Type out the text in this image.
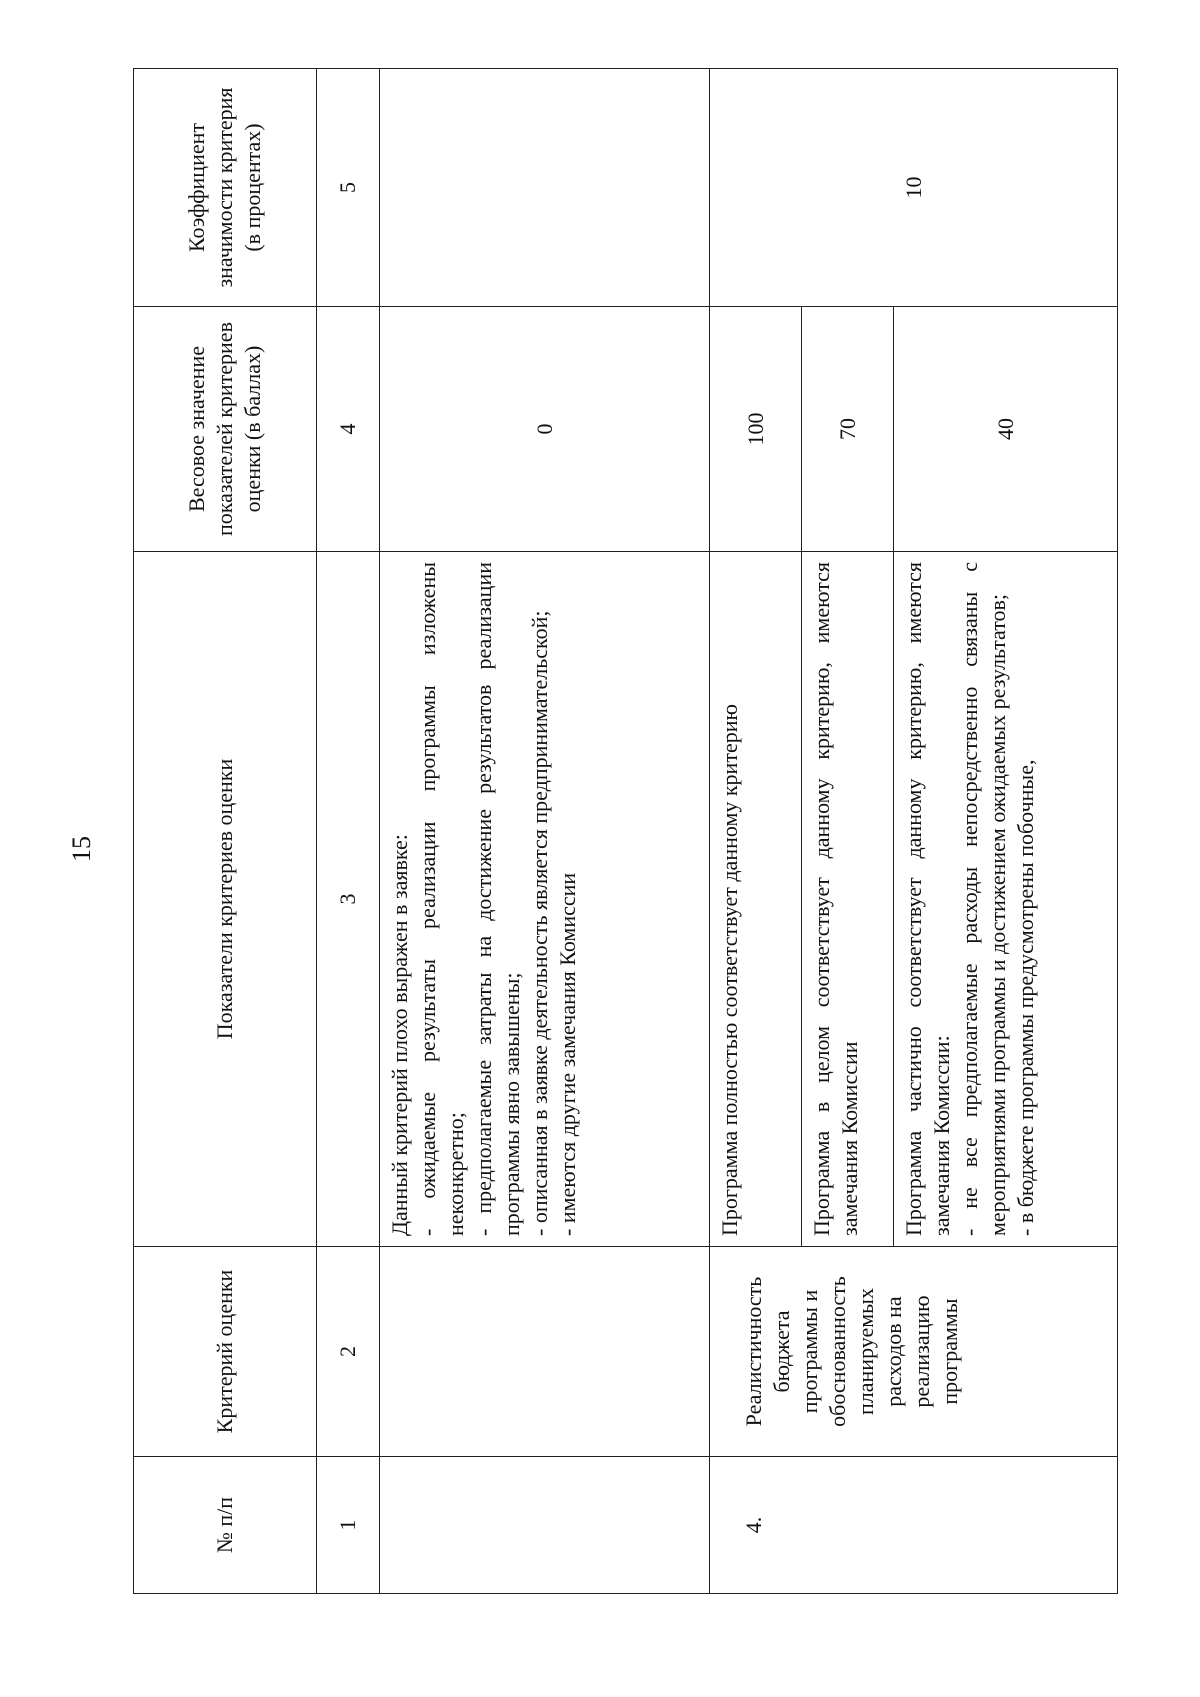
15
№ п/п	Критерий оценки	Показатели критериев оценки	Весовое значение показателей критериев оценки (в баллах)	Коэффициент значимости критерия (в процентах)
1	2	3	4	5

		Данный критерий плохо выражен в заявке: - ожидаемые результаты реализации программы изложены неконкретно; - предполагаемые затраты на достижение результатов реализации программы явно завышены; - описанная в заявке деятельность является предпринимательской; - имеются другие замечания Комиссии	0	
4.	Реалистичность бюджета программы и обоснованность планируемых расходов на реализацию программы	Программа полностью соответствует данному критерию	100	10
		Программа в целом соответствует данному критерию, имеются замечания Комиссии	70	

		Программа частично соответствует данному критерию, имеются замечания Комиссии: - не все предполагаемые расходы непосредственно связаны с мероприятиями программы и достижением ожидаемых результатов; - в бюджете программы предусмотрены побочные,	40	
